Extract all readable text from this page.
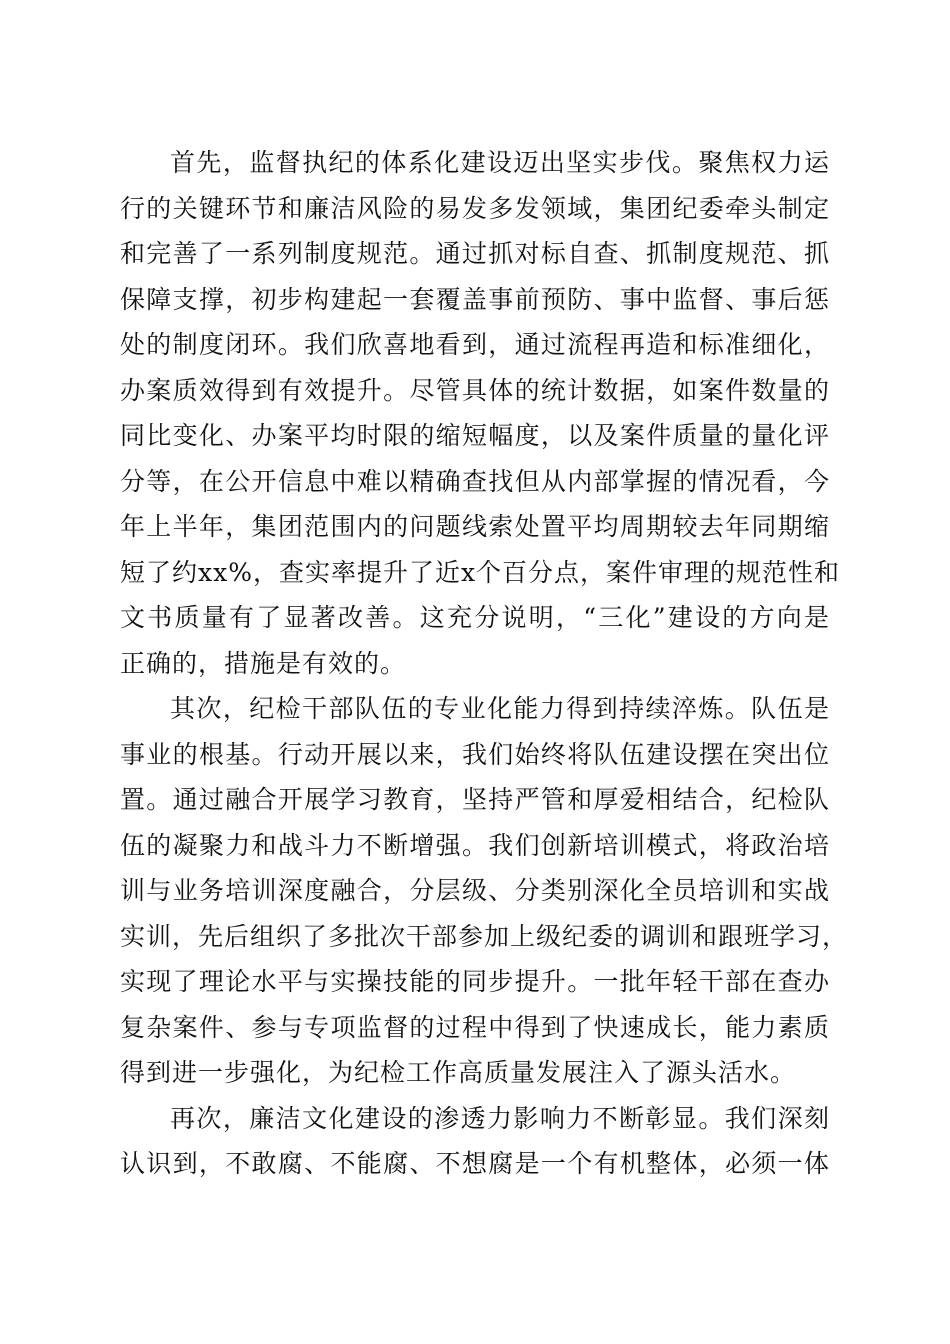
首先，监督执纪的体系化建设迈出坚实步伐。聚焦权力运
行的关键环节和廉洁风险的易发多发领域，集团纪委牵头制定
和完善了一系列制度规范。通过抓对标自查、抓制度规范、抓
保障支撑，初步构建起一套覆盖事前预防、事中监督、事后惩
处的制度闭环。我们欣喜地看到，通过流程再造和标准细化，
办案质效得到有效提升。尽管具体的统计数据，如案件数量的
同比变化、办案平均时限的缩短幅度，以及案件质量的量化评
分等，在公开信息中难以精确查找但从内部掌握的情况看，今
年上半年，集团范围内的问题线索处置平均周期较去年同期缩
短了约xx%，查实率提升了近x个百分点，案件审理的规范性和
文书质量有了显著改善。这充分说明，“三化”建设的方向是
正确的，措施是有效的。
其次，纪检干部队伍的专业化能力得到持续淬炼。队伍是
事业的根基。行动开展以来，我们始终将队伍建设摆在突出位
置。通过融合开展学习教育，坚持严管和厚爱相结合，纪检队
伍的凝聚力和战斗力不断增强。我们创新培训模式，将政治培
训与业务培训深度融合，分层级、分类别深化全员培训和实战
实训，先后组织了多批次干部参加上级纪委的调训和跟班学习，
实现了理论水平与实操技能的同步提升。一批年轻干部在查办
复杂案件、参与专项监督的过程中得到了快速成长，能力素质
得到进一步强化，为纪检工作高质量发展注入了源头活水。
再次，廉洁文化建设的渗透力影响力不断彰显。我们深刻
认识到，不敢腐、不能腐、不想腐是一个有机整体，必须一体
